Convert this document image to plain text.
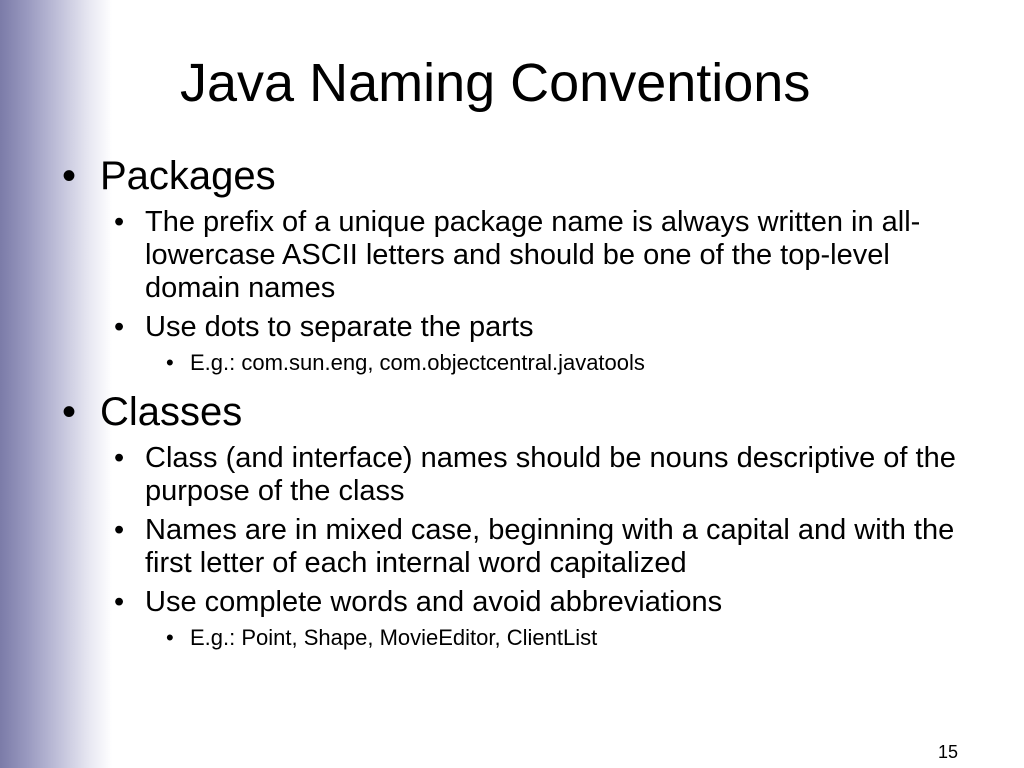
Java Naming Conventions
• Packages
• The prefix of a unique package name is always written in all-lowercase ASCII letters and should be one of the top-level domain names
• Use dots to separate the parts
• E.g.: com.sun.eng, com.objectcentral.javatools
• Classes
• Class (and interface) names should be nouns descriptive of the purpose of the class
• Names are in mixed case, beginning with a capital and with the first letter of each internal word capitalized
• Use complete words and avoid abbreviations
• E.g.: Point, Shape, MovieEditor, ClientList
15
